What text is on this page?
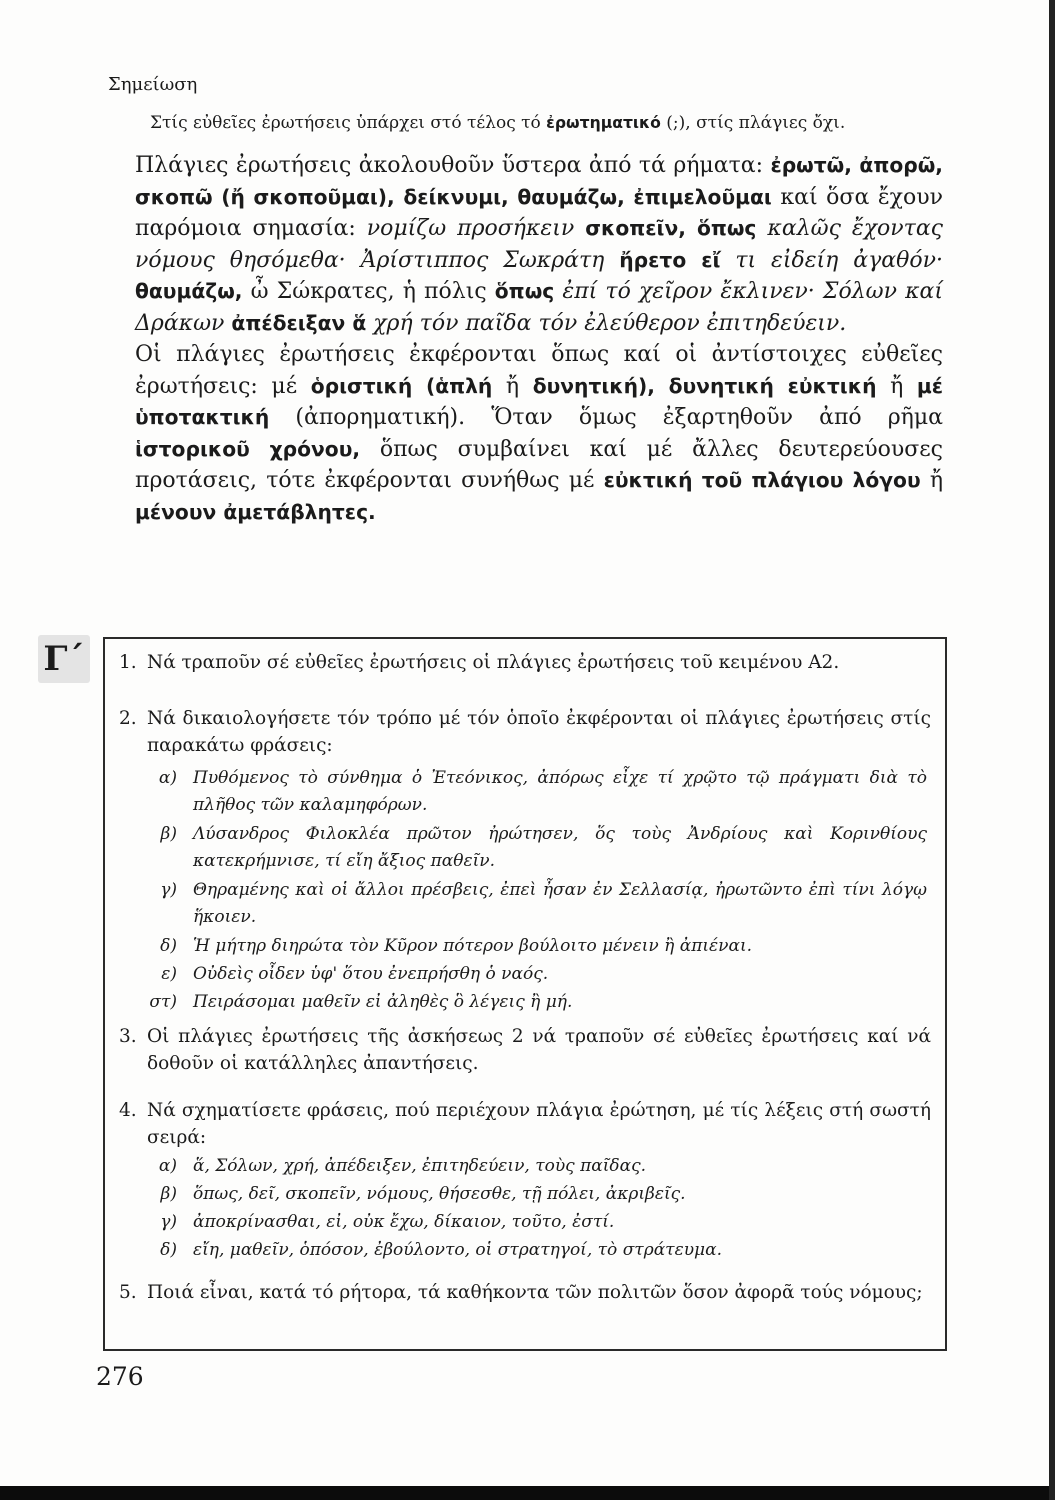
Σημείωση
Στίς εὐθεῖες ἐρωτήσεις ὑπάρχει στό τέλος τό ἐρωτηματικό (;), στίς πλάγιες ὄχι.

Πλάγιες ἐρωτήσεις ἀκολουθοῦν ὕστερα ἀπό τά ρήματα: ἐρωτῶ, ἀπορῶ, σκοπῶ (ἤ σκοποῦμαι), δείκνυμι, θαυμάζω, ἐπιμελοῦμαι καί ὅσα ἔχουν παρόμοια σημασία: νομίζω προσήκειν σκοπεῖν, ὅπως καλῶς ἔχοντας νόμους θησόμεθα· Ἀρίστιππος Σωκράτη ἤρετο εἴ τι εἰδείη ἀγαθόν· θαυμάζω, ὦ Σώκρατες, ἡ πόλις ὅπως ἐπί τό χεῖρον ἔκλινεν· Σόλων καί Δράκων ἀπέδειξαν ἅ χρή τόν παῖδα τόν ἐλεύθερον ἐπιτηδεύειν.

Οἱ πλάγιες ἐρωτήσεις ἐκφέρονται ὅπως καί οἱ ἀντίστοιχες εὐθεῖες ἐρωτήσεις: μέ ὁριστική (ἁπλή ἤ δυνητική), δυνητική εὐκτική ἤ μέ ὑποτακτική (ἀπορηματική). Ὅταν ὅμως ἐξαρτηθοῦν ἀπό ρῆμα ἱστορικοῦ χρόνου, ὅπως συμβαίνει καί μέ ἄλλες δευτερεύουσες προτάσεις, τότε ἐκφέρονται συνήθως μέ εὐκτική τοῦ πλάγιου λόγου ἤ μένουν ἀμετάβλητες.

Γ΄ 1. Νά τραποῦν σέ εὐθεῖες ἐρωτήσεις οἱ πλάγιες ἐρωτήσεις τοῦ κειμένου Α2.
2. Νά δικαιολογήσετε τόν τρόπο μέ τόν ὁποῖο ἐκφέρονται οἱ πλάγιες ἐρωτήσεις στίς παρακάτω φράσεις:
α) Πυθόμενος τὸ σύνθημα ὁ Ἐτεόνικος, ἀπόρως εἶχε τί χρῷτο τῷ πράγματι διὰ τὸ πλῆθος τῶν καλαμηφόρων.
β) Λύσανδρος Φιλοκλέα πρῶτον ἠρώτησεν, ὅς τοὺς Ἀνδρίους καὶ Κορινθίους κατεκρήμνισε, τί εἴη ἄξιος παθεῖν.
γ) Θηραμένης καὶ οἱ ἄλλοι πρέσβεις, ἐπεὶ ἦσαν ἐν Σελλασίᾳ, ἠρωτῶντο ἐπὶ τίνι λόγῳ ἥκοιεν.
δ) Ἡ μήτηρ διηρώτα τὸν Κῦρον πότερον βούλοιτο μένειν ἢ ἀπιέναι.
ε) Οὐδεὶς οἶδεν ὑφ' ὅτου ἐνεπρήσθη ὁ ναός.
στ) Πειράσομαι μαθεῖν εἰ ἀληθὲς ὃ λέγεις ἢ μή.
3. Οἱ πλάγιες ἐρωτήσεις τῆς ἀσκήσεως 2 νά τραποῦν σέ εὐθεῖες ἐρωτήσεις καί νά δοθοῦν οἱ κατάλληλες ἀπαντήσεις.
4. Νά σχηματίσετε φράσεις, πού περιέχουν πλάγια ἐρώτηση, μέ τίς λέξεις στή σωστή σειρά:
α) ἅ, Σόλων, χρή, ἀπέδειξεν, ἐπιτηδεύειν, τοὺς παῖδας.
β) ὅπως, δεῖ, σκοπεῖν, νόμους, θήσεσθε, τῇ πόλει, ἀκριβεῖς.
γ) ἀποκρίνασθαι, εἰ, οὐκ ἔχω, δίκαιον, τοῦτο, ἐστί.
δ) εἴη, μαθεῖν, ὁπόσον, ἐβούλοντο, οἱ στρατηγοί, τὸ στράτευμα.
5. Ποιά εἶναι, κατά τό ρήτορα, τά καθήκοντα τῶν πολιτῶν ὅσον ἀφορᾶ τούς νόμους;
276
